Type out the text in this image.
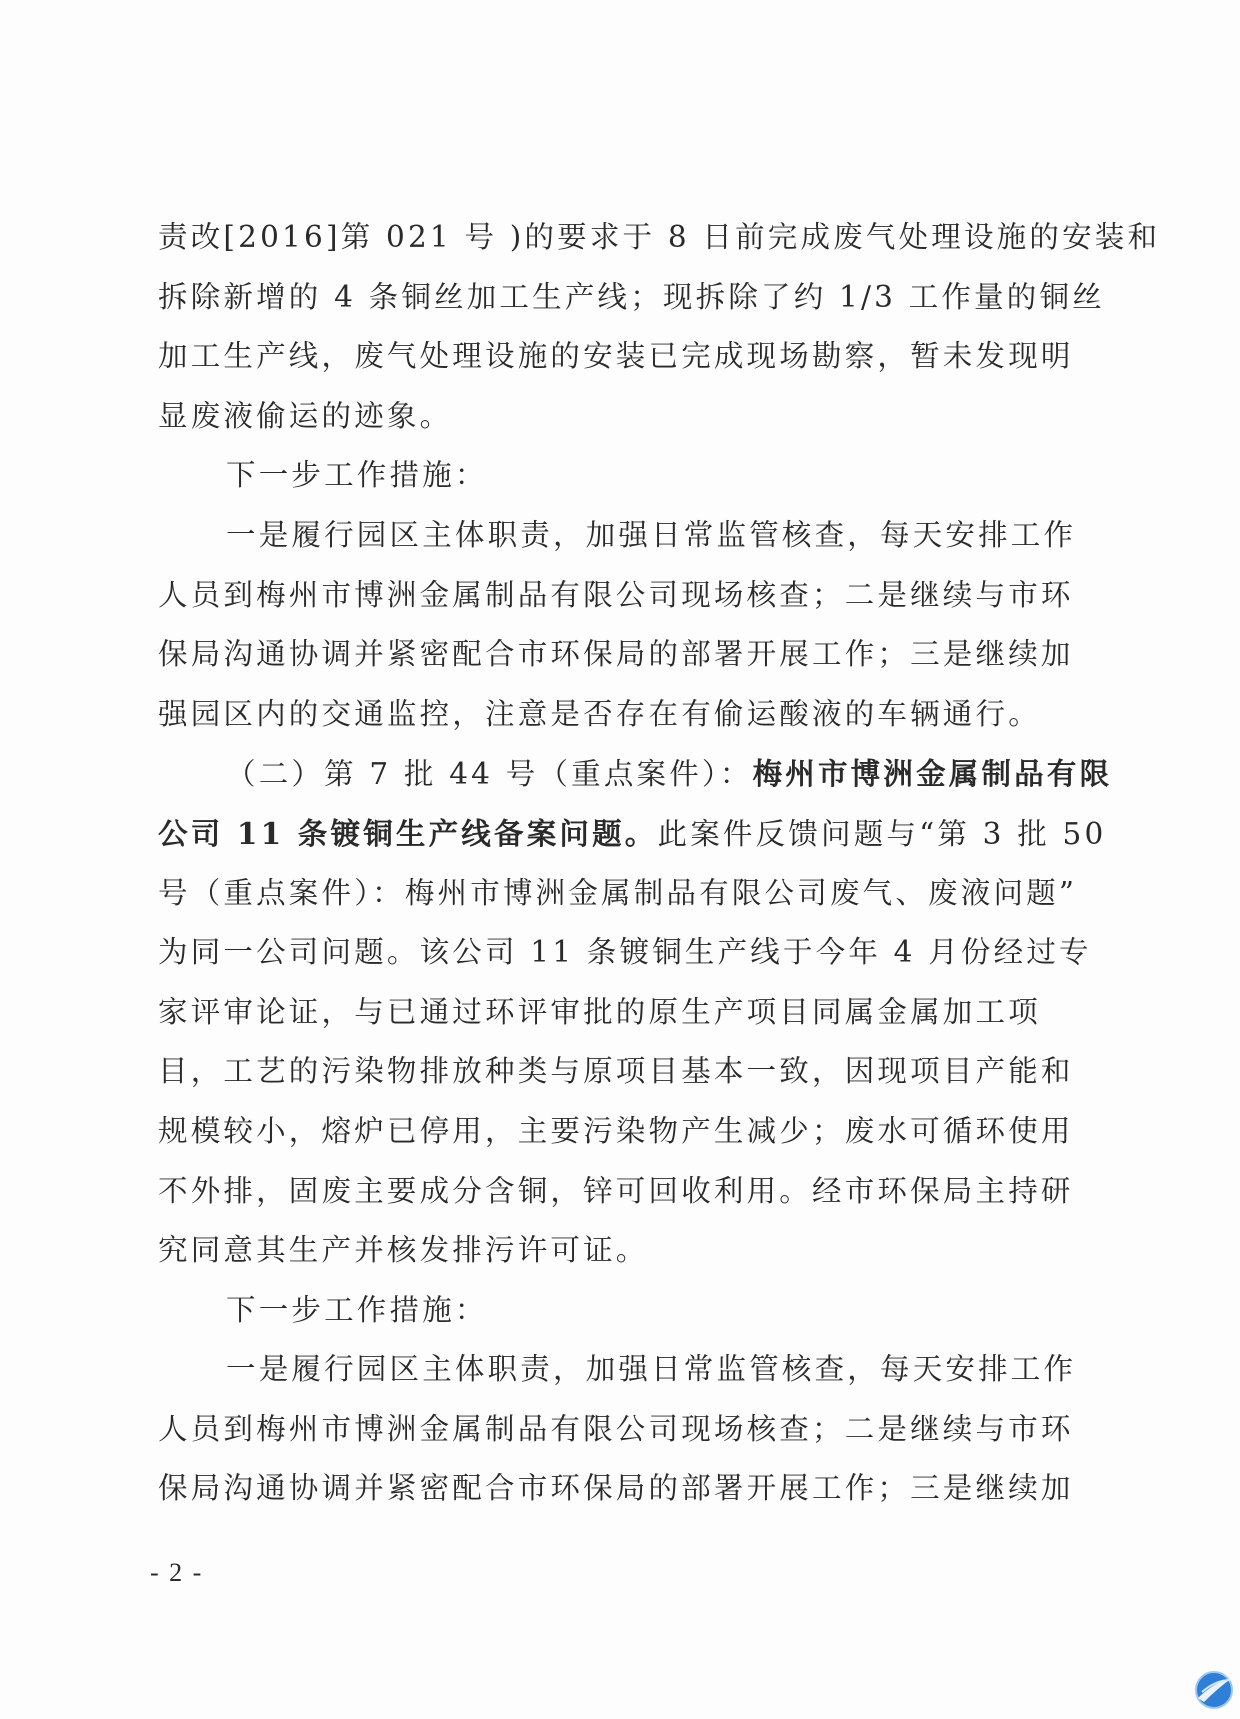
责改[2016]第 021 号 )的要求于 8 日前完成废气处理设施的安装和
拆除新增的 4 条铜丝加工生产线；现拆除了约 1/3 工作量的铜丝
加工生产线，废气处理设施的安装已完成现场勘察，暂未发现明
显废液偷运的迹象。
下一步工作措施：
一是履行园区主体职责，加强日常监管核查，每天安排工作
人员到梅州市博洲金属制品有限公司现场核查；二是继续与市环
保局沟通协调并紧密配合市环保局的部署开展工作；三是继续加
强园区内的交通监控，注意是否存在有偷运酸液的车辆通行。
（二）第 7 批 44 号（重点案件）：梅州市博洲金属制品有限
公司 11 条镀铜生产线备案问题。此案件反馈问题与“第 3 批 50
号（重点案件）：梅州市博洲金属制品有限公司废气、废液问题”
为同一公司问题。该公司 11 条镀铜生产线于今年 4 月份经过专
家评审论证，与已通过环评审批的原生产项目同属金属加工项
目，工艺的污染物排放种类与原项目基本一致，因现项目产能和
规模较小，熔炉已停用，主要污染物产生减少；废水可循环使用
不外排，固废主要成分含铜，锌可回收利用。经市环保局主持研
究同意其生产并核发排污许可证。
下一步工作措施：
一是履行园区主体职责，加强日常监管核查，每天安排工作
人员到梅州市博洲金属制品有限公司现场核查；二是继续与市环
保局沟通协调并紧密配合市环保局的部署开展工作；三是继续加
- 2 -
